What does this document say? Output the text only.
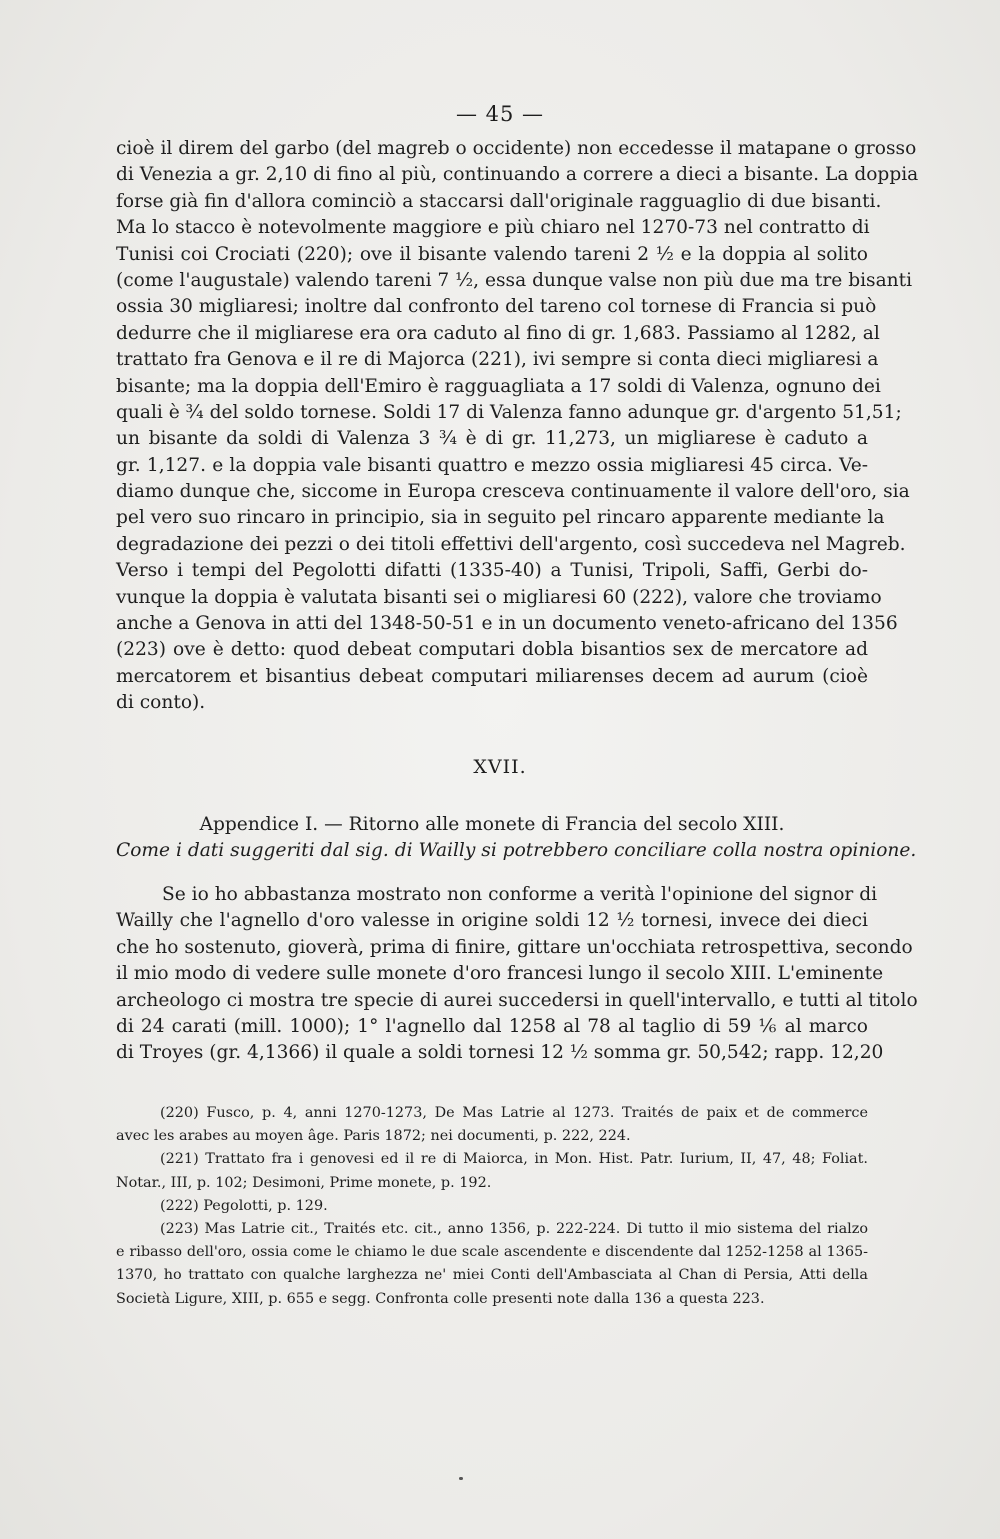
— 45 —
cioè il direm del garbo (del magreb o occidente) non eccedesse il matapane o grosso
di Venezia a gr. 2,10 di fino al più, continuando a correre a dieci a bisante. La doppia
forse già fin d'allora cominciò a staccarsi dall'originale ragguaglio di due bisanti.
Ma lo stacco è notevolmente maggiore e più chiaro nel 1270-73 nel contratto di
Tunisi coi Crociati (220); ove il bisante valendo tareni 2 ½ e la doppia al solito
(come l'augustale) valendo tareni 7 ½, essa dunque valse non più due ma tre bisanti
ossia 30 migliaresi; inoltre dal confronto del tareno col tornese di Francia si può
dedurre che il migliarese era ora caduto al fino di gr. 1,683. Passiamo al 1282, al
trattato fra Genova e il re di Majorca (221), ivi sempre si conta dieci migliaresi a
bisante; ma la doppia dell'Emiro è ragguagliata a 17 soldi di Valenza, ognuno dei
quali è ¾ del soldo tornese. Soldi 17 di Valenza fanno adunque gr. d'argento 51,51;
un bisante da soldi di Valenza 3 ¾ è di gr. 11,273, un migliarese è caduto a
gr. 1,127. e la doppia vale bisanti quattro e mezzo ossia migliaresi 45 circa. Ve-
diamo dunque che, siccome in Europa cresceva continuamente il valore dell'oro, sia
pel vero suo rincaro in principio, sia in seguito pel rincaro apparente mediante la
degradazione dei pezzi o dei titoli effettivi dell'argento, così succedeva nel Magreb.
Verso i tempi del Pegolotti difatti (1335-40) a Tunisi, Tripoli, Saffi, Gerbi do-
vunque la doppia è valutata bisanti sei o migliaresi 60 (222), valore che troviamo
anche a Genova in atti del 1348-50-51 e in un documento veneto-africano del 1356
(223) ove è detto: quod debeat computari dobla bisantios sex de mercatore ad
mercatorem et bisantius debeat computari miliarenses decem ad aurum (cioè
di conto).
XVII.
Appendice I. — Ritorno alle monete di Francia del secolo XIII.
Come i dati suggeriti dal sig. di Wailly si potrebbero conciliare colla nostra opinione.
Se io ho abbastanza mostrato non conforme a verità l'opinione del signor di
Wailly che l'agnello d'oro valesse in origine soldi 12 ½ tornesi, invece dei dieci
che ho sostenuto, gioverà, prima di finire, gittare un'occhiata retrospettiva, secondo
il mio modo di vedere sulle monete d'oro francesi lungo il secolo XIII. L'eminente
archeologo ci mostra tre specie di aurei succedersi in quell'intervallo, e tutti al titolo
di 24 carati (mill. 1000); 1° l'agnello dal 1258 al 78 al taglio di 59 ⅙ al marco
di Troyes (gr. 4,1366) il quale a soldi tornesi 12 ½ somma gr. 50,542; rapp. 12,20
(220) Fusco, p. 4, anni 1270-1273, De Mas Latrie al 1273. Traités de paix et de commerce
avec les arabes au moyen âge. Paris 1872; nei documenti, p. 222, 224.
(221) Trattato fra i genovesi ed il re di Maiorca, in Mon. Hist. Patr. Iurium, II, 47, 48; Foliat.
Notar., III, p. 102; Desimoni, Prime monete, p. 192.
(222) Pegolotti, p. 129.
(223) Mas Latrie cit., Traités etc. cit., anno 1356, p. 222-224. Di tutto il mio sistema del rialzo
e ribasso dell'oro, ossia come le chiamo le due scale ascendente e discendente dal 1252-1258 al 1365-
1370, ho trattato con qualche larghezza ne' miei Conti dell'Ambasciata al Chan di Persia, Atti della
Società Ligure, XIII, p. 655 e segg. Confronta colle presenti note dalla 136 a questa 223.
